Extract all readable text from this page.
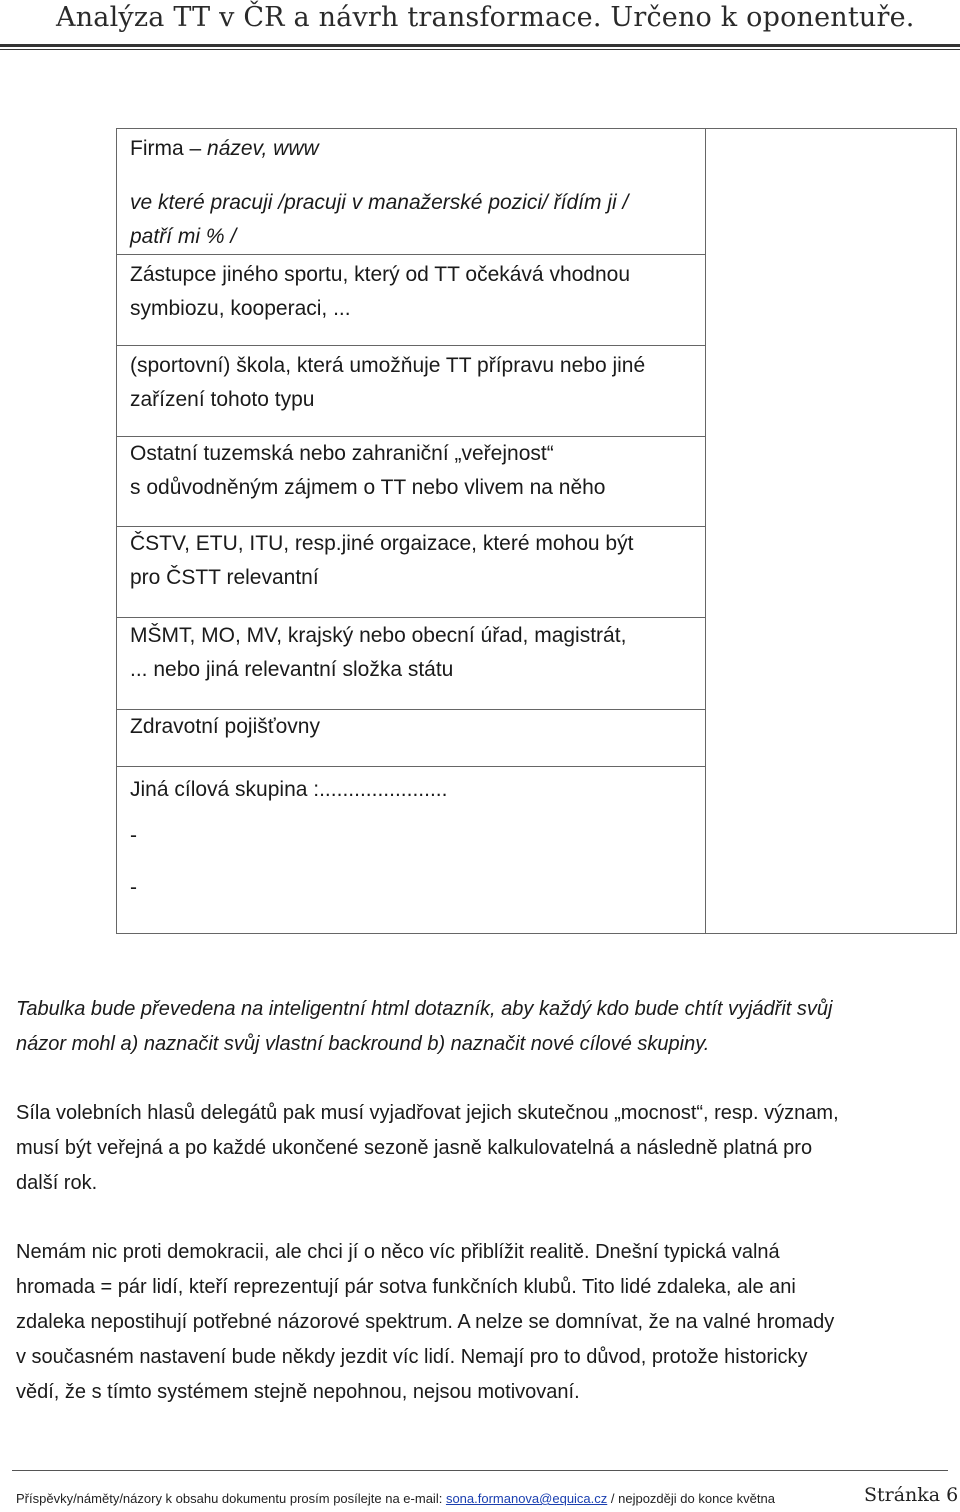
Analýza TT v ČR a návrh transformace. Určeno k oponentuře.
Firma – název, www
ve které pracuji /pracuji v manažerské pozici/ řídím ji /
patří mi % /

Zástupce jiného sportu, který od TT očekává vhodnou
symbiozu, kooperaci, ...

(sportovní) škola, která umožňuje TT přípravu nebo jiné
zařízení tohoto typu

Ostatní tuzemská nebo zahraniční „veřejnost“
s odůvodněným zájmem o TT nebo vlivem na něho

ČSTV, ETU, ITU, resp.jiné orgaizace, které mohou být
pro ČSTT relevantní

MŠMT, MO, MV, krajský nebo obecní úřad, magistrát,
... nebo jiná relevantní složka státu

Zdravotní pojišťovny

Jiná cílová skupina :......................
-
-
Tabulka bude převedena na inteligentní html dotazník, aby každý kdo bude chtít vyjádřit svůj
názor mohl a) naznačit svůj vlastní backround b) naznačit nové cílové skupiny.
Síla volebních hlasů delegátů pak musí vyjadřovat jejich skutečnou „mocnost“, resp. význam,
musí být veřejná a po každé ukončené sezoně jasně kalkulovatelná a následně platná pro
další rok.
Nemám nic proti demokracii, ale chci jí o něco víc přiblížit realitě. Dnešní typická valná
hromada = pár lidí, kteří reprezentují pár sotva funkčních klubů. Tito lidé zdaleka, ale ani
zdaleka nepostihují potřebné názorové spektrum. A nelze se domnívat, že na valné hromady
v současném nastavení bude někdy jezdit víc lidí. Nemají pro to důvod, protože historicky
vědí, že s tímto systémem stejně nepohnou, nejsou motivovaní.
Příspěvky/náměty/názory k obsahu dokumentu prosím posílejte na e-mail: sona.formanova@equica.cz / nejpozději do konce května	Stránka 6
